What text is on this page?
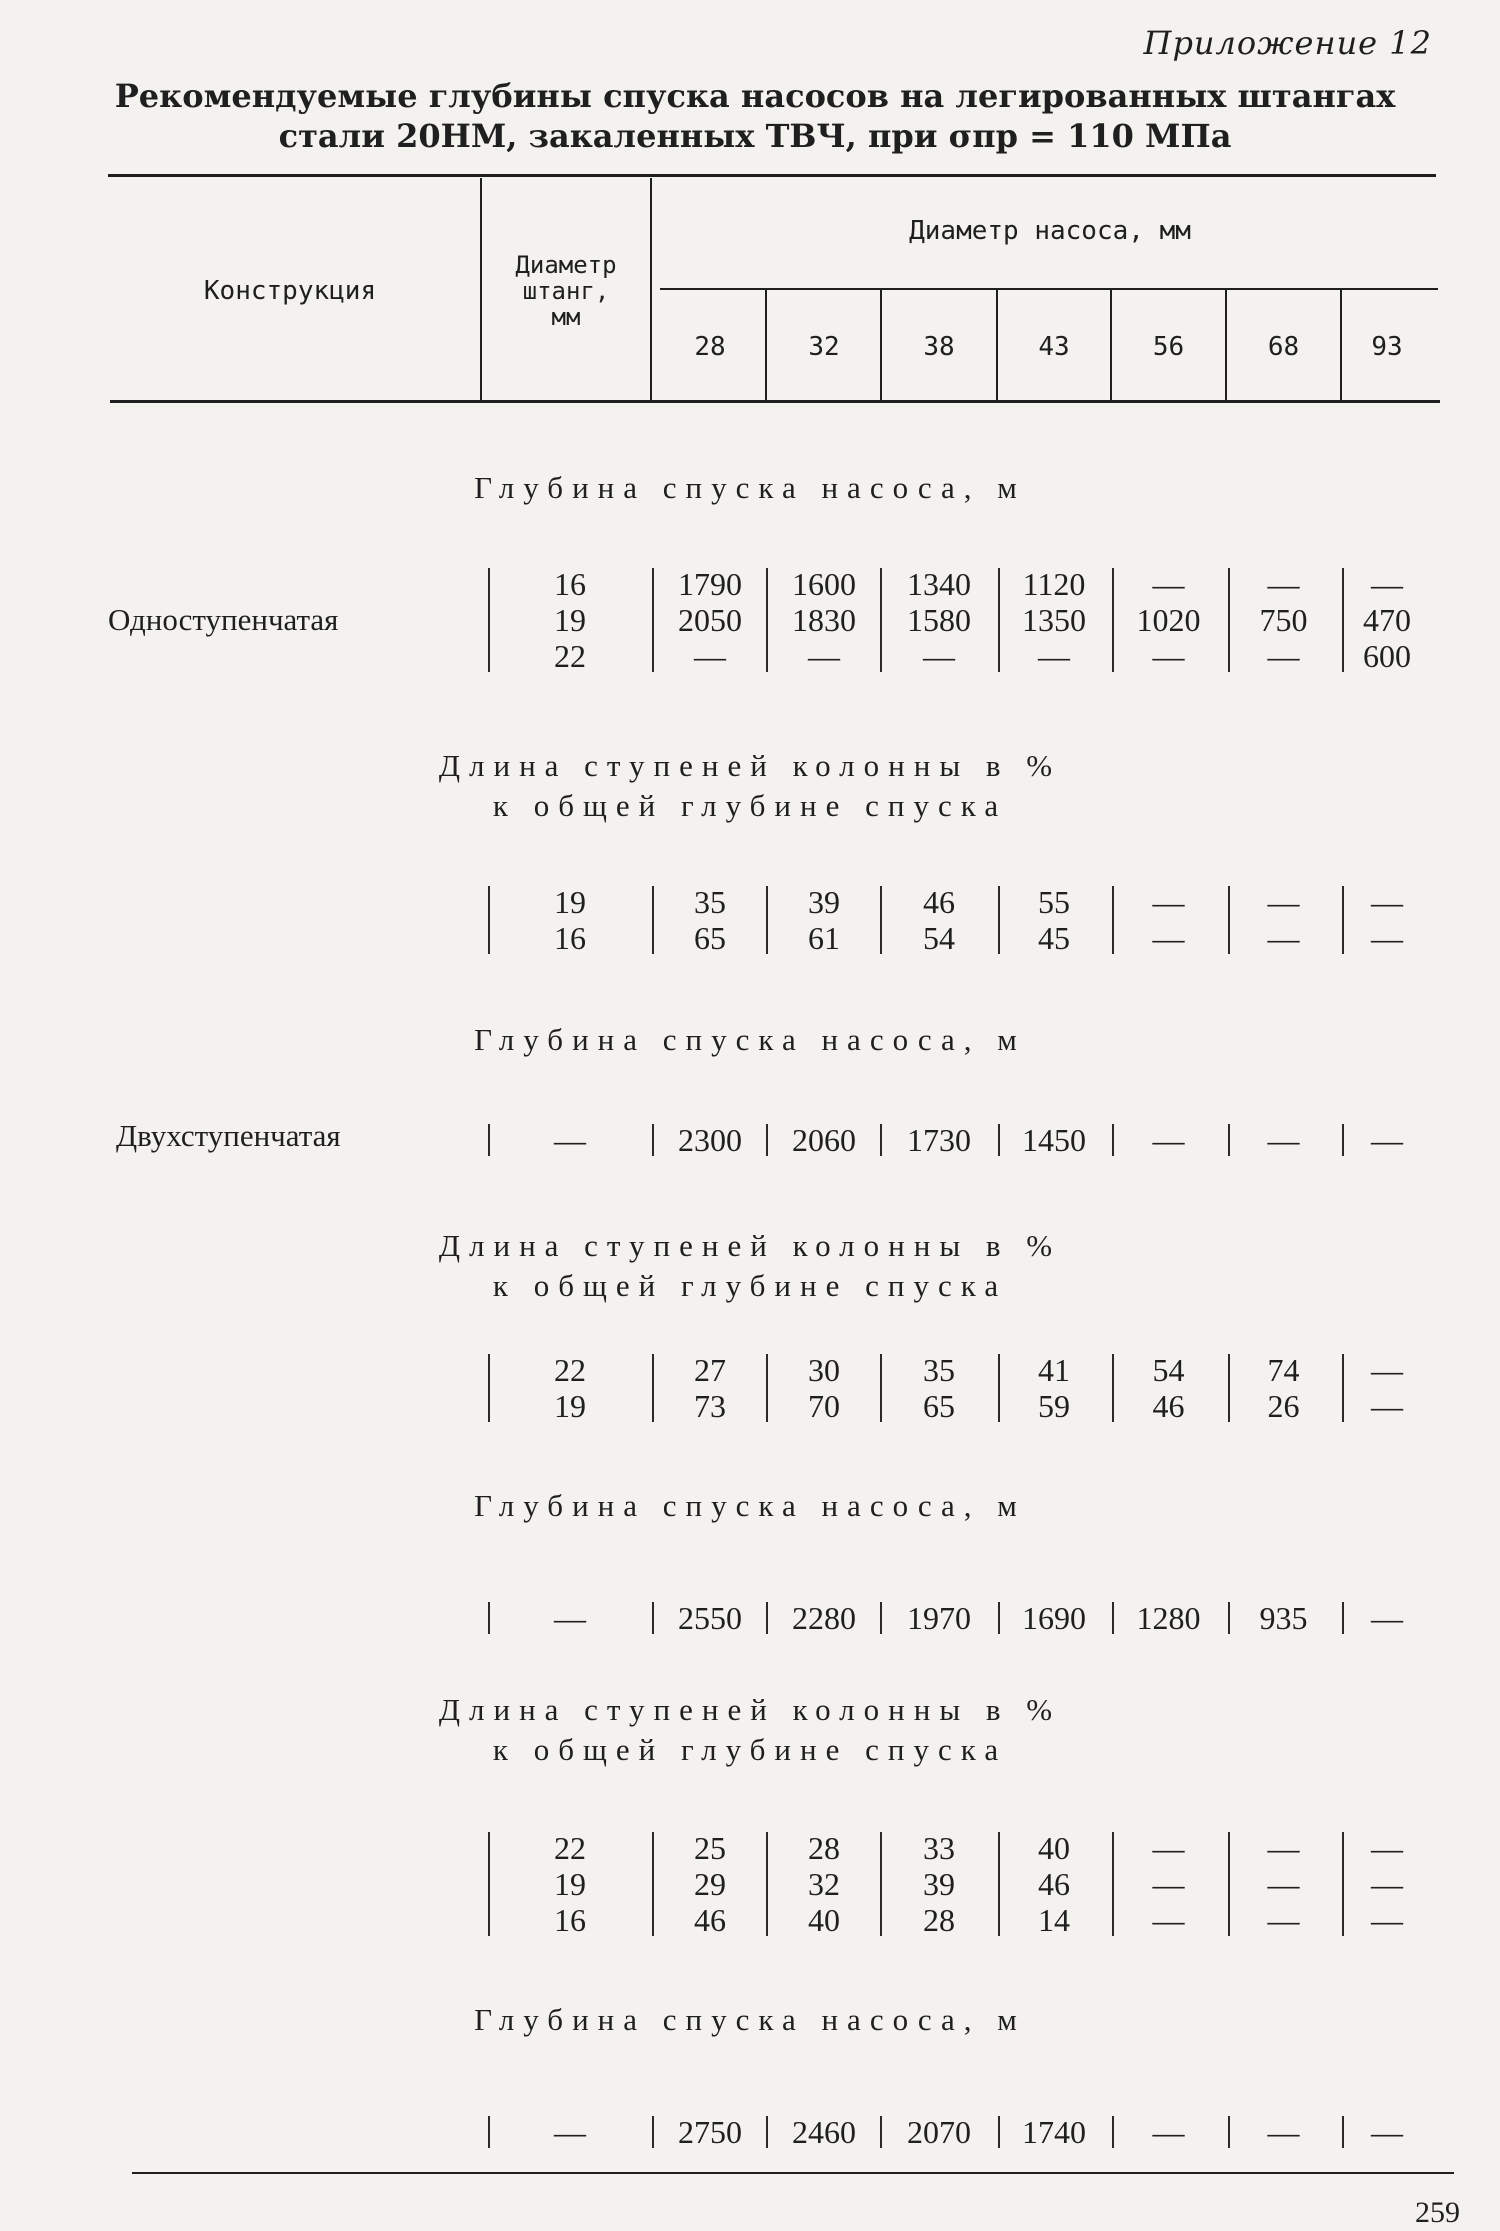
Приложение 12
Рекомендуемые глубины спуска насосов на легированных штангах
стали 20НМ, закаленных ТВЧ, при σпр = 110 МПа
Конструкция
Диаметр
штанг,
мм
Диаметр насоса, мм
28	32	38	43	56	68	93
Глубина спуска насоса, м
Длина ступеней колонны в %
к общей глубине спуска
Глубина спуска насоса, м
Длина ступеней колонны в %
к общей глубине спуска
Глубина спуска насоса, м
Длина ступеней колонны в %
к общей глубине спуска
Глубина спуска насоса, м
Одноступенчатая
Двухступенчатая
16	1790	1600	1340	1120	—	—	—
19	2050	1830	1580	1350	1020	750	470
22	—	—	—	—	—	—	600
19	35	39	46	55	—	—	—
16	65	61	54	45	—	—	—
—	2300	2060	1730	1450	—	—	—
22	27	30	35	41	54	74	—
19	73	70	65	59	46	26	—
—	2550	2280	1970	1690	1280	935	—
22	25	28	33	40	—	—	—
19	29	32	39	46	—	—	—
16	46	40	28	14	—	—	—
—	2750	2460	2070	1740	—	—	—
259
